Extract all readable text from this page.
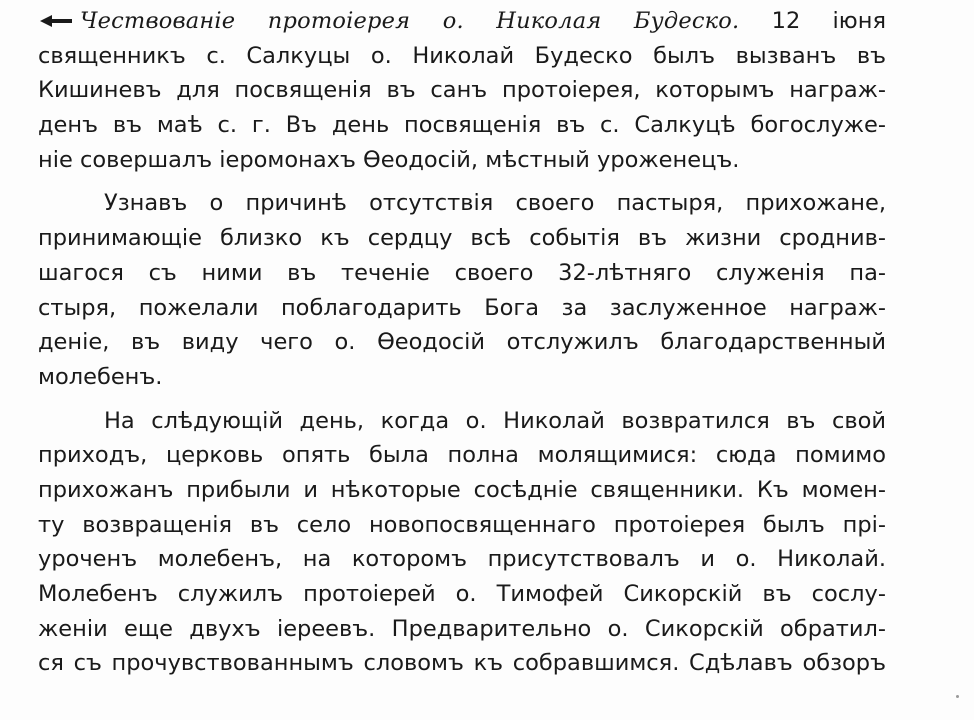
Чествованіе протоіерея о. Николая Будеско. 12 іюня
священникъ с. Салкуцы о. Николай Будеско былъ вызванъ въ
Кишиневъ для посвященія въ санъ протоіерея, которымъ награж-
денъ въ маѣ с. г. Въ день посвященія въ с. Салкуцѣ богослуже-
ніе совершалъ іеромонахъ Ѳеодосій, мѣстный уроженецъ.
Узнавъ о причинѣ отсутствія своего пастыря, прихожане,
принимающіе близко къ сердцу всѣ событія въ жизни сроднив-
шагося съ ними въ теченіе своего 32-лѣтняго служенія па-
стыря, пожелали поблагодарить Бога за заслуженное награж-
деніе, въ виду чего о. Ѳеодосій отслужилъ благодарственный
молебенъ.
На слѣдующій день, когда о. Николай возвратился въ свой
приходъ, церковь опять была полна молящимися: сюда помимо
прихожанъ прибыли и нѣкоторые сосѣдніе священники. Къ момен-
ту возвращенія въ село новопосвященнаго протоіерея былъ прі-
уроченъ молебенъ, на которомъ присутствовалъ и о. Николай.
Молебенъ служилъ протоіерей о. Тимофей Сикорскій въ сослу-
женіи еще двухъ іереевъ. Предварительно о. Сикорскій обратил-
ся съ прочувствованнымъ словомъ къ собравшимся. Сдѣлавъ обзоръ
